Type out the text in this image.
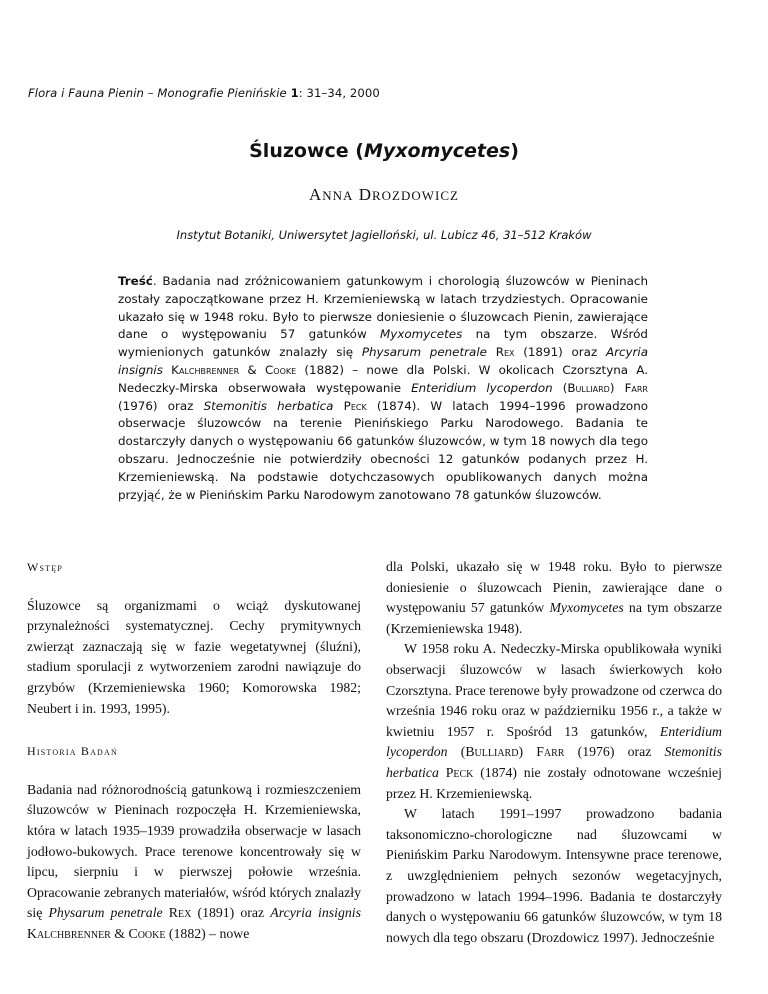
Flora i Fauna Pienin – Monografie Pienińskie 1: 31–34, 2000
Śluzowce (Myxomycetes)
ANNA DROZDOWICZ
Instytut Botaniki, Uniwersytet Jagielloński, ul. Lubicz 46, 31–512 Kraków
Treść. Badania nad zróżnicowaniem gatunkowym i chorologią śluzowców w Pieninach zostały zapoczątkowane przez H. Krzemieniewską w latach trzydziestych. Opracowanie ukazało się w 1948 roku. Było to pierwsze doniesienie o śluzowcach Pienin, zawierające dane o występowaniu 57 gatunków Myxomycetes na tym obszarze. Wśród wymienionych gatunków znalazły się Physarum penetrale Rex (1891) oraz Arcyria insignis Kalchbrenner & Cooke (1882) – nowe dla Polski. W okolicach Czorsztyna A. Nedeczky-Mirska obserwowała występowanie Enteridium lycoperdon (Bulliard) Farr (1976) oraz Stemonitis herbatica Peck (1874). W latach 1994–1996 prowadzono obserwacje śluzowców na terenie Pienińskiego Parku Narodowego. Badania te dostarczyły danych o występowaniu 66 gatunków śluzowców, w tym 18 nowych dla tego obszaru. Jednocześnie nie potwierdziły obecności 12 gatunków podanych przez H. Krzemieniewską. Na podstawie dotychczasowych opublikowanych danych można przyjąć, że w Pienińskim Parku Narodowym zanotowano 78 gatunków śluzowców.
Wstęp

Śluzowce są organizmami o wciąż dyskutowanej przynależności systematycznej. Cechy prymitywnych zwierząt zaznaczają się w fazie wegetatywnej (śluźni), stadium sporulacji z wytworzeniem zarodni nawiązuje do grzybów (Krzemieniewska 1960; Komorowska 1982; Neubert i in. 1993, 1995).

Historia Badań

Badania nad różnorodnością gatunkową i rozmieszczeniem śluzowców w Pieninach rozpoczęła H. Krzemieniewska, która w latach 1935–1939 prowadziła obserwacje w lasach jodłowo-bukowych. Prace terenowe koncentrowały się w lipcu, sierpniu i w pierwszej połowie września. Opracowanie zebranych materiałów, wśród których znalazły się Physarum penetrale Rex (1891) oraz Arcyria insignis Kalchbrenner & Cooke (1882) – nowe

dla Polski, ukazało się w 1948 roku. Było to pierwsze doniesienie o śluzowcach Pienin, zawierające dane o występowaniu 57 gatunków Myxomycetes na tym obszarze (Krzemieniewska 1948).

W 1958 roku A. Nedeczky-Mirska opublikowała wyniki obserwacji śluzowców w lasach świerkowych koło Czorsztyna. Prace terenowe były prowadzone od czerwca do września 1946 roku oraz w październiku 1956 r., a także w kwietniu 1957 r. Spośród 13 gatunków, Enteridium lycoperdon (Bulliard) Farr (1976) oraz Stemonitis herbatica Peck (1874) nie zostały odnotowane wcześniej przez H. Krzemieniewską.

W latach 1991–1997 prowadzono badania taksonomiczno-chorologiczne nad śluzowcami w Pienińskim Parku Narodowym. Intensywne prace terenowe, z uwzględnieniem pełnych sezonów wegetacyjnych, prowadzono w latach 1994–1996. Badania te dostarczyły danych o występowaniu 66 gatunków śluzowców, w tym 18 nowych dla tego obszaru (Drozdowicz 1997). Jednocześnie
